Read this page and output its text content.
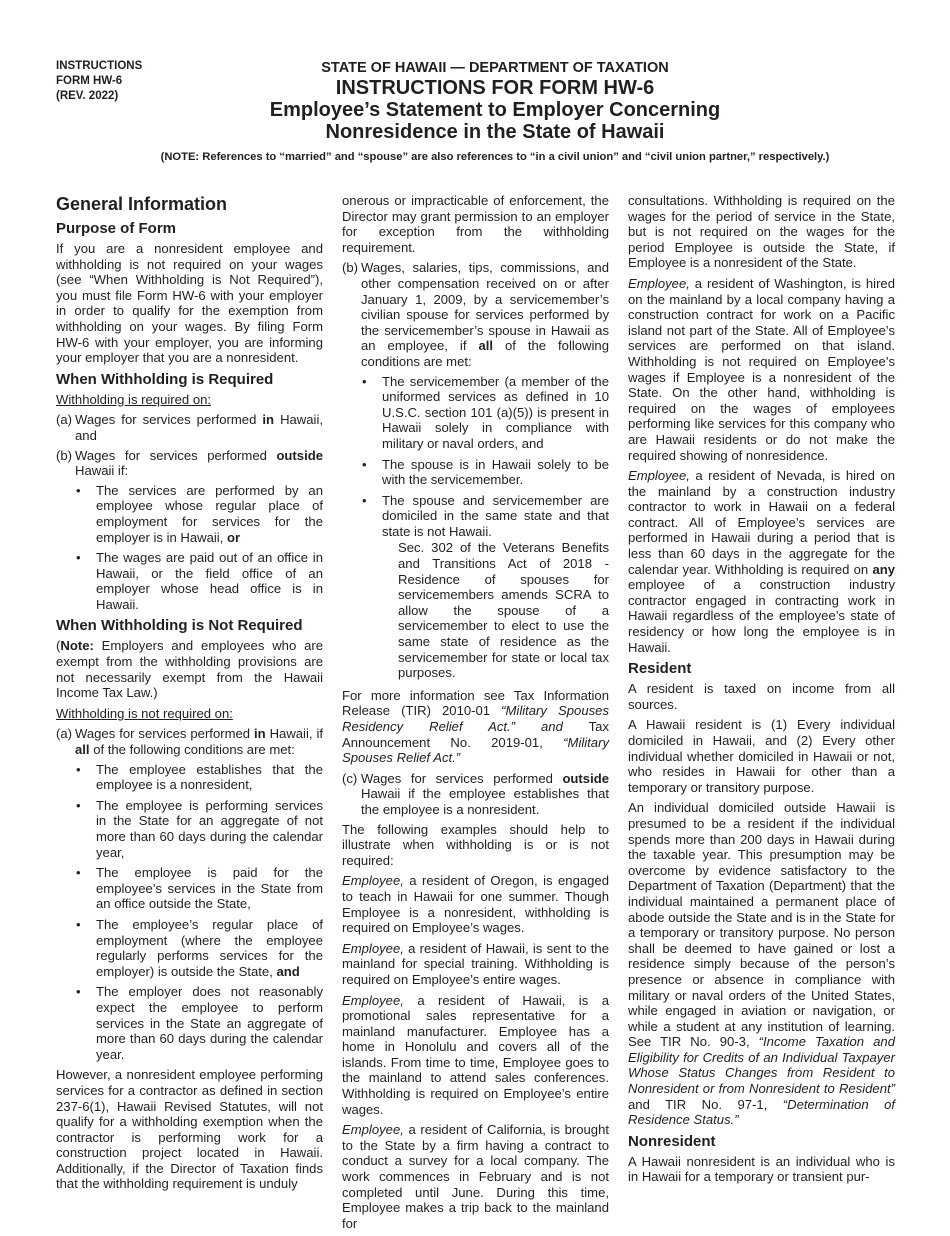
INSTRUCTIONS
FORM HW-6
(REV. 2022)
STATE OF HAWAII — DEPARTMENT OF TAXATION
INSTRUCTIONS FOR FORM HW-6
Employee’s Statement to Employer Concerning
Nonresidence in the State of Hawaii
(NOTE: References to “married” and “spouse” are also references to “in a civil union” and “civil union partner,” respectively.)
General Information
Purpose of Form

If you are a nonresident employee and withholding is not required on your wages (see “When Withholding is Not Required”), you must file Form HW-6 with your employer in order to qualify for the exemption from withholding on your wages. By filing Form HW-6 with your employer, you are informing your employer that you are a nonresident.

When Withholding is Required

Withholding is required on:

(a) Wages for services performed in Hawaii, and
(b) Wages for services performed outside Hawaii if:
• The services are performed by an employee whose regular place of employment for services for the employer is in Hawaii, or
• The wages are paid out of an office in Hawaii, or the field office of an employer whose head office is in Hawaii.
When Withholding is Not Required

(Note: Employers and employees who are exempt from the withholding provisions are not necessarily exempt from the Hawaii Income Tax Law.)

Withholding is not required on:

(a) Wages for services performed in Hawaii, if all of the following conditions are met:
• The employee establishes that the employee is a nonresident,
• The employee is performing services in the State for an aggregate of not more than 60 days during the calendar year,
• The employee is paid for the employee’s services in the State from an office outside the State,
• The employee’s regular place of employment (where the employee regularly performs services for the employer) is outside the State, and
• The employer does not reasonably expect the employee to perform services in the State an aggregate of more than 60 days during the calendar year.

However, a nonresident employee performing services for a contractor as defined in section 237-6(1), Hawaii Revised Statutes, will not qualify for a withholding exemption when the contractor is performing work for a construction project located in Hawaii. Additionally, if the Director of Taxation finds that the withholding requirement is unduly

onerous or impracticable of enforcement, the Director may grant permission to an employer for exception from the withholding requirement.

(b) Wages, salaries, tips, commissions, and other compensation received on or after January 1, 2009, by a servicemember’s civilian spouse for services performed by the servicemember’s spouse in Hawaii as an employee, if all of the following conditions are met:
• The servicemember (a member of the uniformed services as defined in 10 U.S.C. section 101 (a)(5)) is present in Hawaii solely in compliance with military or naval orders, and
• The spouse is in Hawaii solely to be with the servicemember.
• The spouse and servicemember are domiciled in the same state and that state is not Hawaii.

Sec. 302 of the Veterans Benefits and Transitions Act of 2018 - Residence of spouses for servicemembers amends SCRA to allow the spouse of a servicemember to elect to use the same state of residence as the servicemember for state or local tax purposes.

For more information see Tax Information Release (TIR) 2010-01 “Military Spouses Residency Relief Act.” and Tax Announcement No. 2019-01, “Military Spouses Relief Act.”

(c) Wages for services performed outside Hawaii if the employee establishes that the employee is a nonresident.

The following examples should help to illustrate when withholding is or is not required:

Employee, a resident of Oregon, is engaged to teach in Hawaii for one summer. Though Employee is a nonresident, withholding is required on Employee’s wages.

Employee, a resident of Hawaii, is sent to the mainland for special training. Withholding is required on Employee’s entire wages.

Employee, a resident of Hawaii, is a promotional sales representative for a mainland manufacturer. Employee has a home in Honolulu and covers all of the islands. From time to time, Employee goes to the mainland to attend sales conferences. Withholding is required on Employee’s entire wages.

Employee, a resident of California, is brought to the State by a firm having a contract to conduct a survey for a local company. The work commences in February and is not completed until June. During this time, Employee makes a trip back to the mainland for

consultations. Withholding is required on the wages for the period of service in the State, but is not required on the wages for the period Employee is outside the State, if Employee is a nonresident of the State.

Employee, a resident of Washington, is hired on the mainland by a local company having a construction contract for work on a Pacific island not part of the State. All of Employee’s services are performed on that island. Withholding is not required on Employee’s wages if Employee is a nonresident of the State. On the other hand, withholding is required on the wages of employees performing like services for this company who are Hawaii residents or do not make the required showing of nonresidence.

Employee, a resident of Nevada, is hired on the mainland by a construction industry contractor to work in Hawaii on a federal contract. All of Employee’s services are performed in Hawaii during a period that is less than 60 days in the aggregate for the calendar year. Withholding is required on any employee of a construction industry contractor engaged in contracting work in Hawaii regardless of the employee’s state of residency or how long the employee is in Hawaii.

Resident

A resident is taxed on income from all sources.

A Hawaii resident is (1) Every individual domiciled in Hawaii, and (2) Every other individual whether domiciled in Hawaii or not, who resides in Hawaii for other than a temporary or transitory purpose.

An individual domiciled outside Hawaii is presumed to be a resident if the individual spends more than 200 days in Hawaii during the taxable year. This presumption may be overcome by evidence satisfactory to the Department of Taxation (Department) that the individual maintained a permanent place of abode outside the State and is in the State for a temporary or transitory purpose. No person shall be deemed to have gained or lost a residence simply because of the person’s presence or absence in compliance with military or naval orders of the United States, while engaged in aviation or navigation, or while a student at any institution of learning. See TIR No. 90-3, “Income Taxation and Eligibility for Credits of an Individual Taxpayer Whose Status Changes from Resident to Nonresident or from Nonresident to Resident” and TIR No. 97-1, “Determination of Residence Status.”

Nonresident

A Hawaii nonresident is an individual who is in Hawaii for a temporary or transient pur-
